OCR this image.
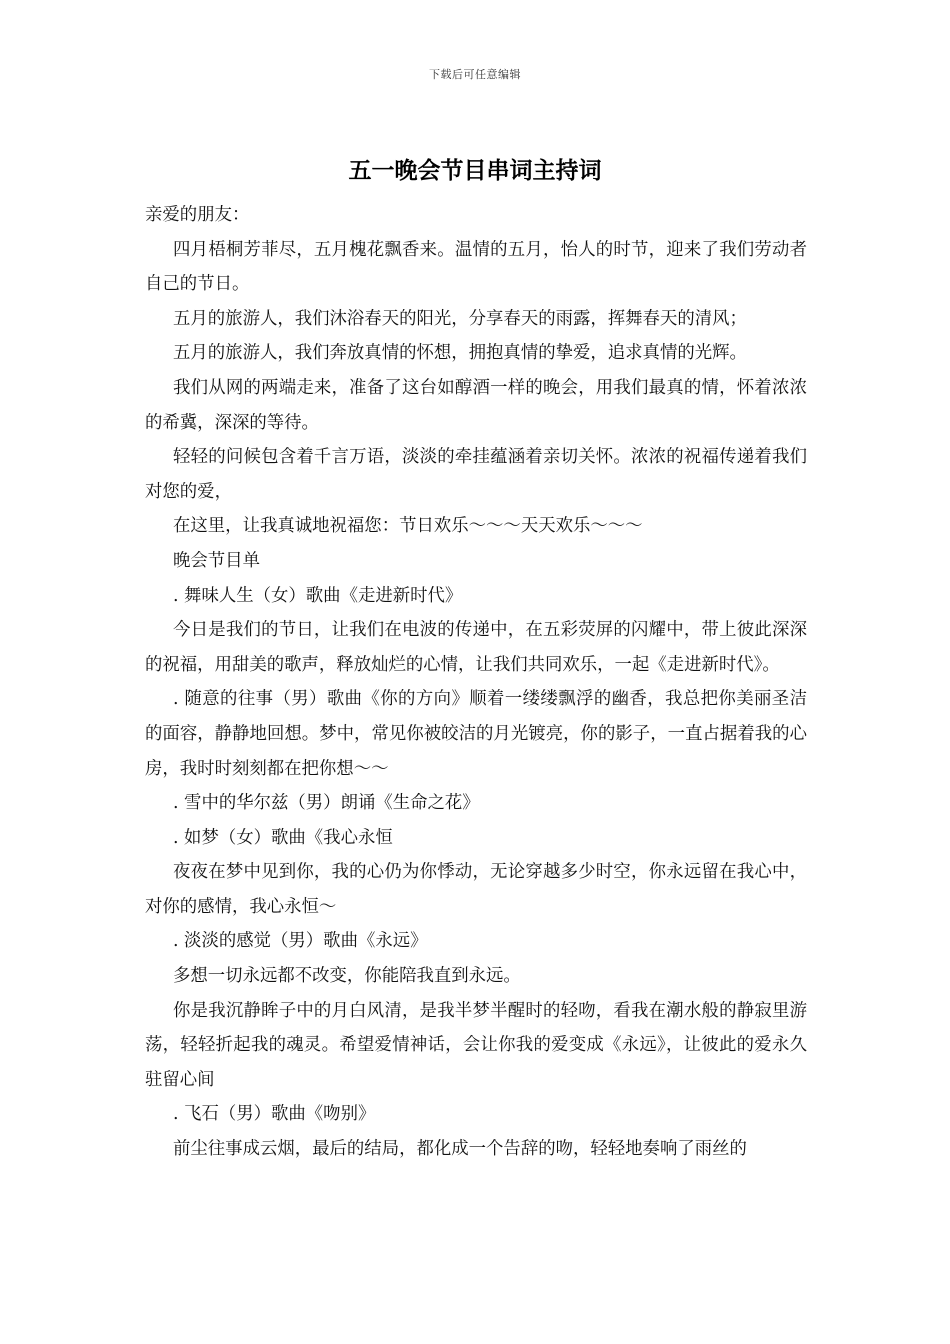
下载后可任意编辑
五一晚会节目串词主持词

亲爱的朋友：

四月梧桐芳菲尽，五月槐花飘香来。温情的五月，怡人的时节，迎来了我们劳动者自己的节日。

五月的旅游人，我们沐浴春天的阳光，分享春天的雨露，挥舞春天的清风；

五月的旅游人，我们奔放真情的怀想，拥抱真情的挚爱，追求真情的光辉。

我们从网的两端走来，准备了这台如醇酒一样的晚会，用我们最真的情，怀着浓浓的希冀，深深的等待。

轻轻的问候包含着千言万语，淡淡的牵挂蕴涵着亲切关怀。浓浓的祝福传递着我们对您的爱，

在这里，让我真诚地祝福您：节日欢乐～～～天天欢乐～～～

晚会节目单

. 舞味人生（女）歌曲《走进新时代》

今日是我们的节日，让我们在电波的传递中，在五彩荧屏的闪耀中，带上彼此深深的祝福，用甜美的歌声，释放灿烂的心情，让我们共同欢乐，一起《走进新时代》。

. 随意的往事（男）歌曲《你的方向》顺着一缕缕飘浮的幽香，我总把你美丽圣洁的面容，静静地回想。梦中，常见你被皎洁的月光镀亮，你的影子，一直占据着我的心房，我时时刻刻都在把你想～～

. 雪中的华尔兹（男）朗诵《生命之花》

. 如梦（女）歌曲《我心永恒

夜夜在梦中见到你，我的心仍为你悸动，无论穿越多少时空，你永远留在我心中，对你的感情，我心永恒～

. 淡淡的感觉（男）歌曲《永远》

多想一切永远都不改变，你能陪我直到永远。

你是我沉静眸子中的月白风清，是我半梦半醒时的轻吻，看我在潮水般的静寂里游荡，轻轻折起我的魂灵。希望爱情神话，会让你我的爱变成《永远》，让彼此的爱永久驻留心间

. 飞石（男）歌曲《吻别》

前尘往事成云烟，最后的结局，都化成一个告辞的吻，轻轻地奏响了雨丝的
